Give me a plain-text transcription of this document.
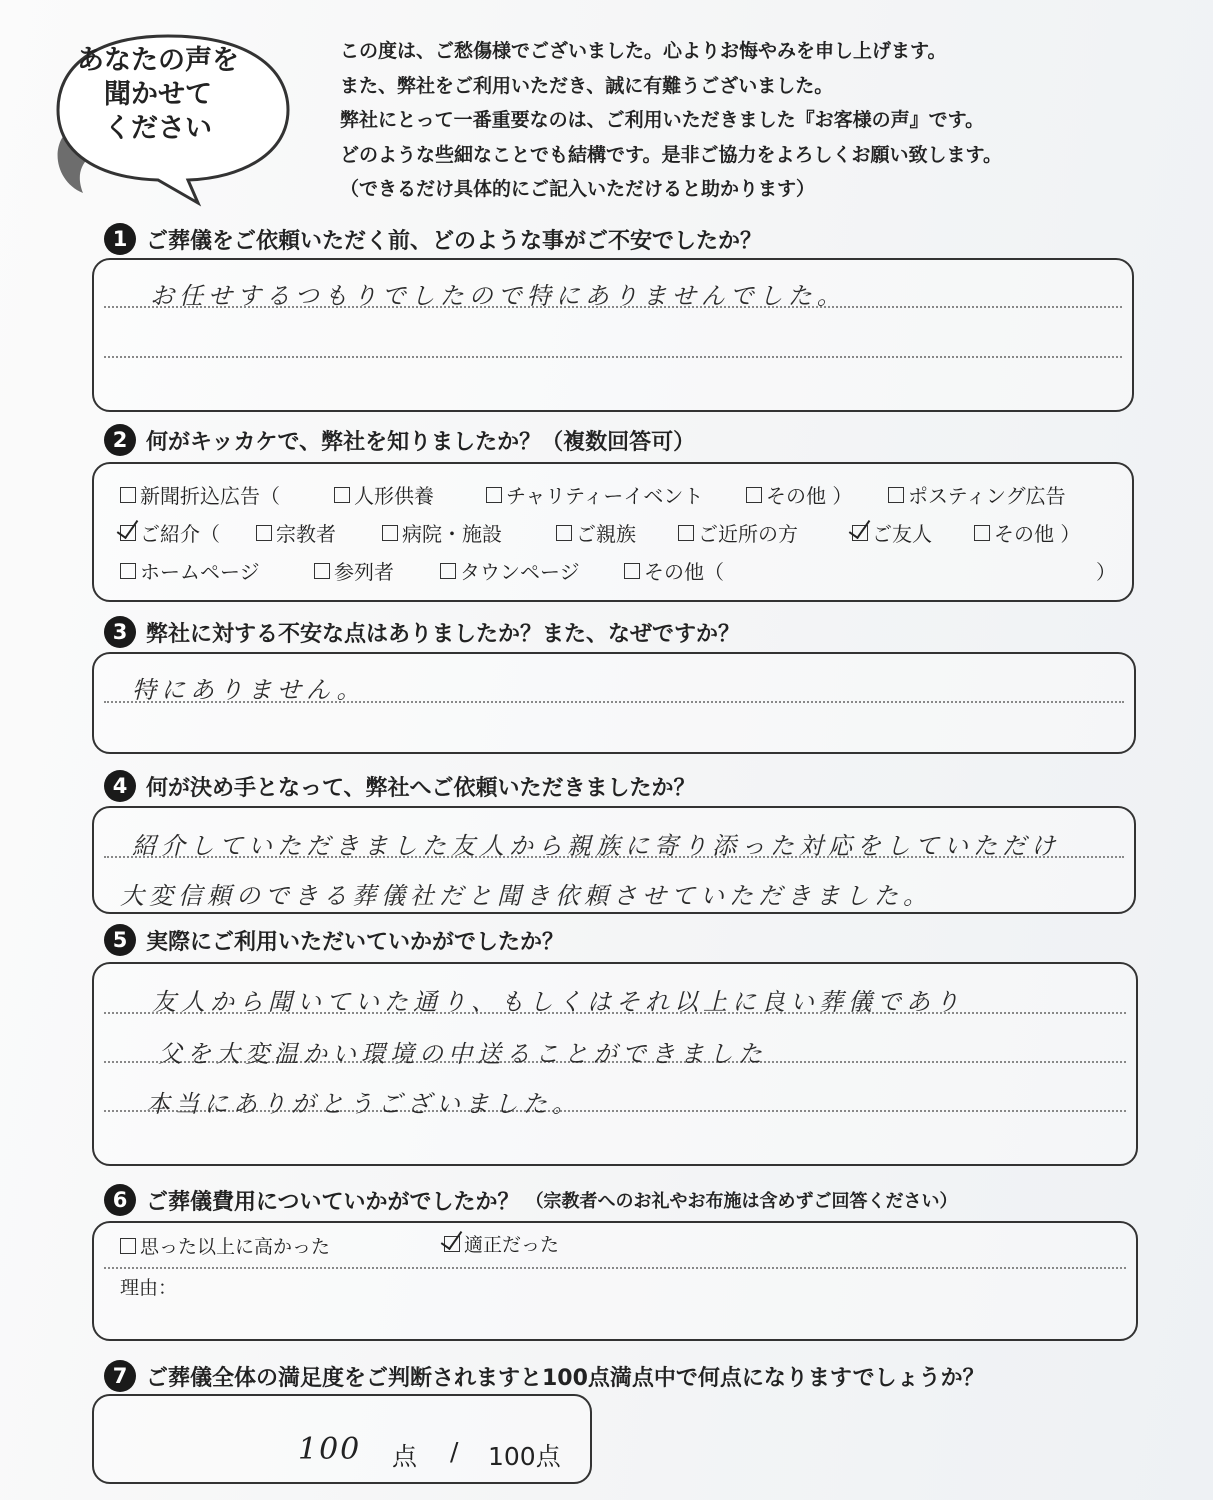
あなたの声を
聞かせて
ください
この度は、ご愁傷様でございました。心よりお悔やみを申し上げます。
また、弊社をご利用いただき、誠に有難うございました。
弊社にとって一番重要なのは、ご利用いただきました『お客様の声』です。
どのような些細なことでも結構です。是非ご協力をよろしくお願い致します。
（できるだけ具体的にご記入いただけると助かります）
1 ご葬儀をご依頼いただく前、どのような事がご不安でしたか？
お任せするつもりでしたので特にありませんでした。
2 何がキッカケで、弊社を知りましたか？（複数回答可）
新聞折込広告（	人形供養	チャリティーイベント	その他 ）	ポスティング広告
ご紹介（	宗教者	病院・施設	ご親族	ご近所の方	ご友人	その他 ）
ホームページ	参列者	タウンページ	その他（	）
3 弊社に対する不安な点はありましたか？また、なぜですか？
特にありません。
4 何が決め手となって、弊社へご依頼いただきましたか？
紹介していただきました友人から親族に寄り添った対応をしていただけ
大変信頼のできる葬儀社だと聞き依頼させていただきました。
5 実際にご利用いただいていかがでしたか？
友人から聞いていた通り、もしくはそれ以上に良い葬儀であり
父を大変温かい環境の中送ることができました
本当にありがとうございました。
6 ご葬儀費用についていかがでしたか？ （宗教者へのお礼やお布施は含めずご回答ください）
思った以上に高かった	適正だった
理由：
7 ご葬儀全体の満足度をご判断されますと100点満点中で何点になりますでしょうか？
100 点 / 100点
